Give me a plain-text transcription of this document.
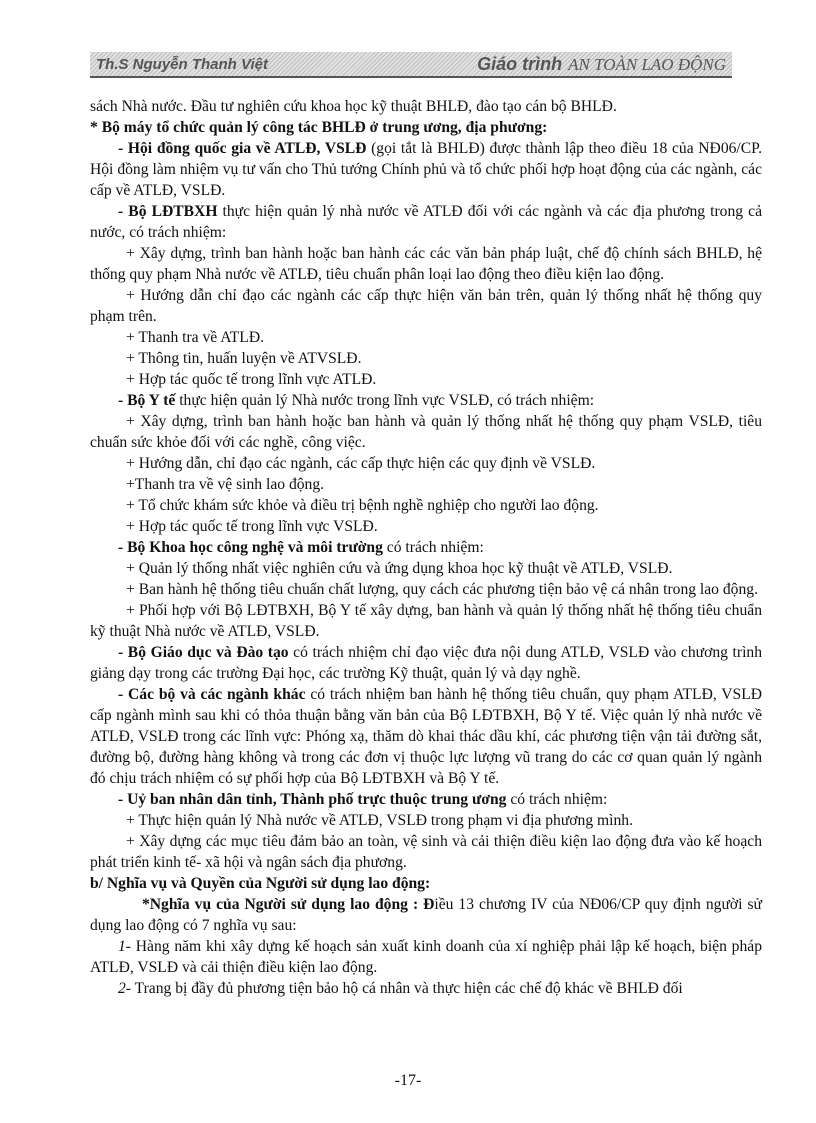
Th.S Nguyễn Thanh Việt	Giáo trình AN TOÀN LAO ĐỘNG

sách Nhà nước. Đầu tư nghiên cứu khoa học kỹ thuật BHLĐ, đào tạo cán bộ BHLĐ.

* Bộ máy tổ chức quản lý công tác BHLĐ ở trung ương, địa phương:

- Hội đồng quốc gia về ATLĐ, VSLĐ (gọi tắt là BHLĐ) được thành lập theo điều 18 của NĐ06/CP. Hội đồng làm nhiệm vụ tư vấn cho Thủ tướng Chính phủ và tổ chức phối hợp hoạt động của các ngành, các cấp về ATLĐ, VSLĐ.

- Bộ LĐTBXH thực hiện quản lý nhà nước về ATLĐ đối với các ngành và các địa phương trong cả nước, có trách nhiệm:

+ Xây dựng, trình ban hành hoặc ban hành các các văn bản pháp luật, chế độ chính sách BHLĐ, hệ thống quy phạm Nhà nước về ATLĐ, tiêu chuẩn phân loại lao động theo điều kiện lao động.

+ Hướng dẫn chỉ đạo các ngành các cấp thực hiện văn bản trên, quản lý thống nhất hệ thống quy phạm trên.

+ Thanh tra về ATLĐ.

+ Thông tin, huấn luyện về ATVSLĐ.

+ Hợp tác quốc tế trong lĩnh vực ATLĐ.

- Bộ Y tế thực hiện quản lý Nhà nước trong lĩnh vực VSLĐ, có trách nhiệm:

+ Xây dựng, trình ban hành hoặc ban hành và quản lý thống nhất hệ thống quy phạm VSLĐ, tiêu chuẩn sức khỏe đối với các nghề, công việc.

+ Hướng dẫn, chỉ đạo các ngành, các cấp thực hiện các quy định về VSLĐ.

+Thanh tra về vệ sinh lao động.

+ Tổ chức khám sức khỏe và điều trị bệnh nghề nghiệp cho người lao động.

+ Hợp tác quốc tế trong lĩnh vực VSLĐ.

- Bộ Khoa học công nghệ và môi trường có trách nhiệm:

+ Quản lý thống nhất việc nghiên cứu và ứng dụng khoa học kỹ thuật về ATLĐ, VSLĐ.

+ Ban hành hệ thống tiêu chuẩn chất lượng, quy cách các phương tiện bảo vệ cá nhân trong lao động.

+ Phối hợp với Bộ LĐTBXH, Bộ Y tế xây dựng, ban hành và quản lý thống nhất hệ thống tiêu chuẩn kỹ thuật Nhà nước về ATLĐ, VSLĐ.

- Bộ Giáo dục và Đào tạo có trách nhiệm chỉ đạo việc đưa nội dung ATLĐ, VSLĐ vào chương trình giảng dạy trong các trường Đại học, các trường Kỹ thuật, quản lý và dạy nghề.

- Các bộ và các ngành khác có trách nhiệm ban hành hệ thống tiêu chuẩn, quy phạm ATLĐ, VSLĐ cấp ngành mình sau khi có thỏa thuận bằng văn bản của Bộ LĐTBXH, Bộ Y tế. Việc quản lý nhà nước về ATLĐ, VSLĐ trong các lĩnh vực: Phóng xạ, thăm dò khai thác dầu khí, các phương tiện vận tải đường sắt, đường bộ, đường hàng không và trong các đơn vị thuộc lực lượng vũ trang do các cơ quan quản lý ngành đó chịu trách nhiệm có sự phối hợp của Bộ LĐTBXH và Bộ Y tế.

- Uỷ ban nhân dân tỉnh, Thành phố trực thuộc trung ương có trách nhiệm:

+ Thực hiện quản lý Nhà nước về ATLĐ, VSLĐ trong phạm vi địa phương mình.

+ Xây dựng các mục tiêu đảm bảo an toàn, vệ sinh và cải thiện điều kiện lao động đưa vào kế hoạch phát triển kinh tế- xã hội và ngân sách địa phương.

b/ Nghĩa vụ và Quyền của Người sử dụng lao động:

*Nghĩa vụ của Người sử dụng lao động : Điều 13 chương IV của NĐ06/CP quy định người sử dụng lao động có 7 nghĩa vụ sau:

1- Hàng năm khi xây dựng kế hoạch sản xuất kinh doanh của xí nghiệp phải lập kế hoạch, biện pháp ATLĐ, VSLĐ và cải thiện điều kiện lao động.

2- Trang bị đầy đủ phương tiện bảo hộ cá nhân và thực hiện các chế độ khác về BHLĐ đối

-17-
